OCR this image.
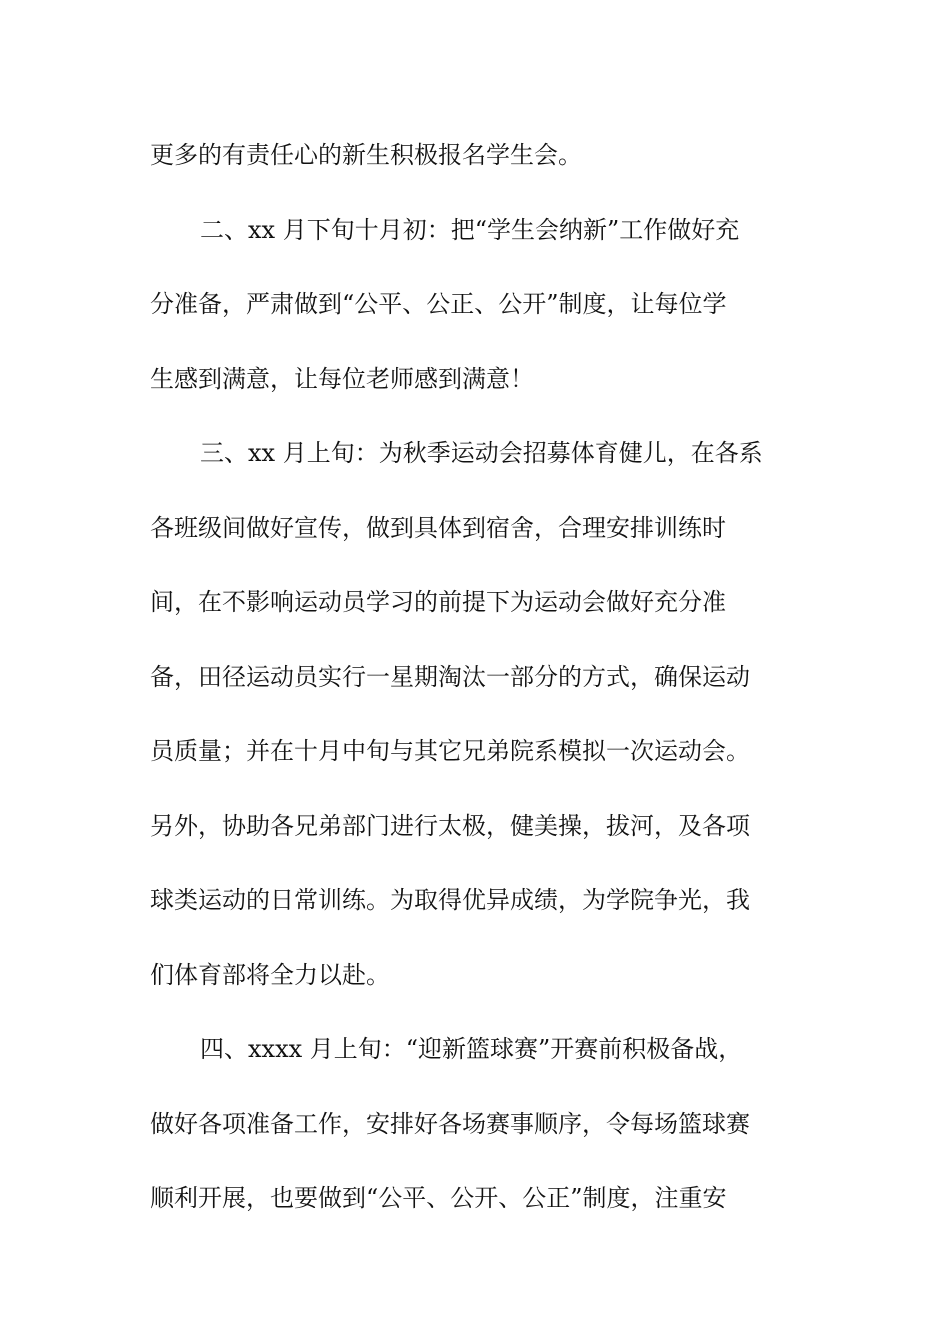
更多的有责任心的新生积极报名学生会。
二、xx 月下旬十月初：把“学生会纳新”工作做好充
分准备，严肃做到“公平、公正、公开”制度，让每位学
生感到满意，让每位老师感到满意！
三、xx 月上旬：为秋季运动会招募体育健儿，在各系
各班级间做好宣传，做到具体到宿舍，合理安排训练时
间，在不影响运动员学习的前提下为运动会做好充分准
备，田径运动员实行一星期淘汰一部分的方式，确保运动
员质量；并在十月中旬与其它兄弟院系模拟一次运动会。
另外，协助各兄弟部门进行太极，健美操，拔河，及各项
球类运动的日常训练。为取得优异成绩，为学院争光，我
们体育部将全力以赴。
四、xxxx 月上旬：“迎新篮球赛”开赛前积极备战，
做好各项准备工作，安排好各场赛事顺序，令每场篮球赛
顺利开展，也要做到“公平、公开、公正”制度，注重安
